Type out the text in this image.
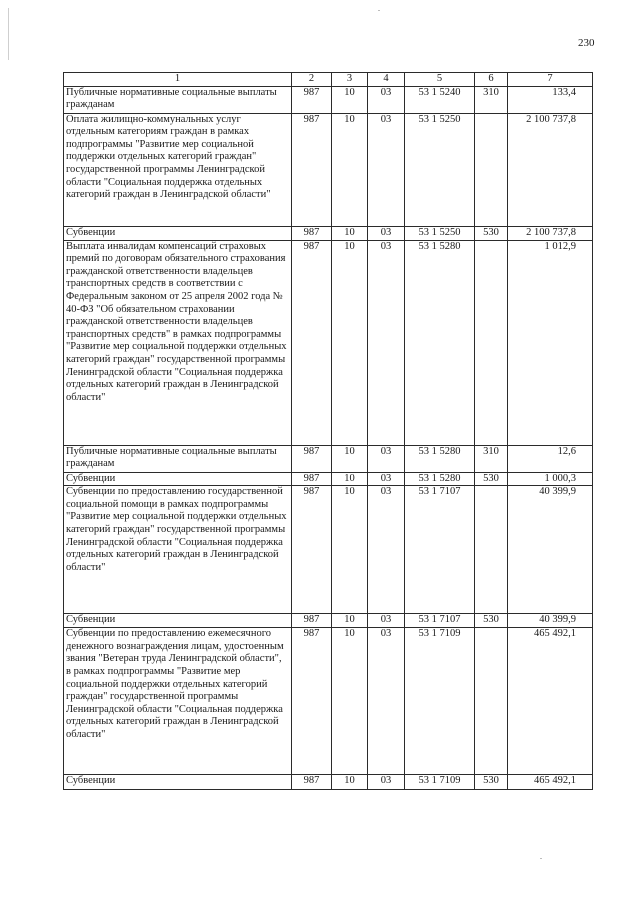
230
1	2	3	4	5	6	7
Публичные нормативные социальные выплаты гражданам	987	10	03	53 1 5240	310	133,4
Оплата жилищно-коммунальных услуг отдельным категориям граждан в рамках подпрограммы "Развитие мер социальной поддержки отдельных категорий граждан" государственной программы Ленинградской области "Социальная поддержка отдельных категорий граждан в Ленинградской области"	987	10	03	53 1 5250		2 100 737,8
Субвенции	987	10	03	53 1 5250	530	2 100 737,8
Выплата инвалидам компенсаций страховых премий по договорам обязательного страхования гражданской ответственности владельцев транспортных средств в соответствии с Федеральным законом от 25 апреля 2002 года № 40-ФЗ "Об обязательном страховании гражданской ответственности владельцев транспортных средств" в рамках подпрограммы "Развитие мер социальной поддержки отдельных категорий граждан" государственной программы Ленинградской области "Социальная поддержка отдельных категорий граждан в Ленинградской области"	987	10	03	53 1 5280		1 012,9
Публичные нормативные социальные выплаты гражданам	987	10	03	53 1 5280	310	12,6
Субвенции	987	10	03	53 1 5280	530	1 000,3
Субвенции по предоставлению государственной социальной помощи в рамках подпрограммы "Развитие мер социальной поддержки отдельных категорий граждан" государственной программы Ленинградской области "Социальная поддержка отдельных категорий граждан в Ленинградской области"	987	10	03	53 1 7107		40 399,9
Субвенции	987	10	03	53 1 7107	530	40 399,9
Субвенции по предоставлению ежемесячного денежного вознаграждения лицам, удостоенным звания "Ветеран труда Ленинградской области", в рамках подпрограммы "Развитие мер социальной поддержки отдельных категорий граждан" государственной программы Ленинградской области "Социальная поддержка отдельных категорий граждан в Ленинградской области"	987	10	03	53 1 7109		465 492,1
Субвенции	987	10	03	53 1 7109	530	465 492,1
